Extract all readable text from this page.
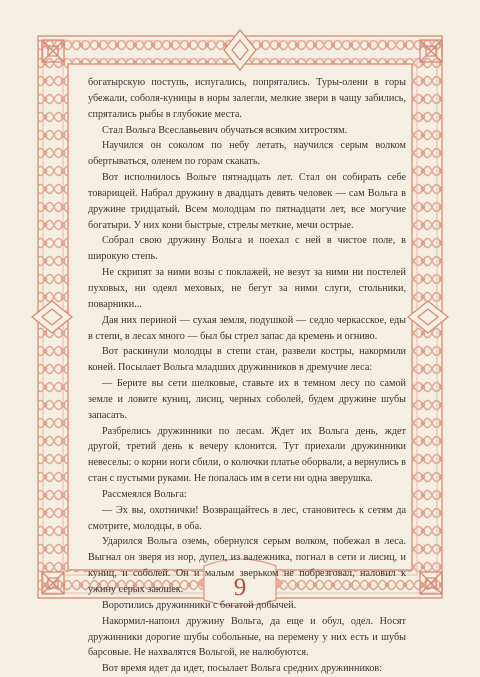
богатырскую поступь, испугались, попрятались. Туры-олени в горы убежали, соболя-куницы в норы залегли, мелкие звери в чащу забились, спрятались рыбы в глубокие места.

Стал Вольга Всеславьевич обучаться всяким хитростям.

Научился он соколом по небу летать, научился серым волком обертываться, оленем по горам скакать.

Вот исполнилось Вольге пятнадцать лет. Стал он собирать себе товарищей. Набрал дружину в двадцать девять человек — сам Вольга в дружине тридцатый. Всем молодцам по пятнадцати лет, все могучие богатыри. У них кони быстрые, стрелы меткие, мечи острые.

Собрал свою дружину Вольга и поехал с ней в чистое поле, в широкую степь.

Не скрипят за ними возы с поклажей, не везут за ними ни постелей пуховых, ни одеял меховых, не бегут за ними слуги, стольники, поварники...

Дая них периной — сухая земля, подушкой — седло черкасское, еды в степи, в лесах много — был бы стрел запас да кремень и огниво.

Вот раскинули молодцы в степи стан, развели костры, накормили коней. Посылает Вольга младших дружинников в дремучие леса:

— Берите вы сети шелковые, ставьте их в темном лесу по самой земле и ловите куниц, лисиц, черных соболей, будем дружине шубы запасать.

Разбрелись дружинники по лесам. Ждет их Вольга день, ждет другой, третий день к вечеру клонится. Тут приехали дружинники невеселы: о корни ноги сбили, о колючки платье оборвали, а вернулись в стан с пустыми руками. Не попалась им в сети ни одна зверушка.

Рассмеялся Вольга:

— Эх вы, охотнички! Возвращайтесь в лес, становитесь к сетям да смотрите, молодцы, в оба.

Ударился Вольга оземь, обернулся серым волком, побежал в леса. Выгнал он зверя из нор, дупел, из валежника, погнал в сети и лисиц, и куниц, и соболей. Он и малым зверьком не побрезговал, наловил к ужину серых заюшек.

Воротились дружинники с богатой добычей.

Накормил-напоил дружину Вольга, да еще и обул, одел. Носят дружинники дорогие шубы собольные, на перемену у них есть и шубы барсовые. Не нахвалятся Вольгой, не налюбуются.

Вот время идет да идет, посылает Вольга средних дружинников:

9
